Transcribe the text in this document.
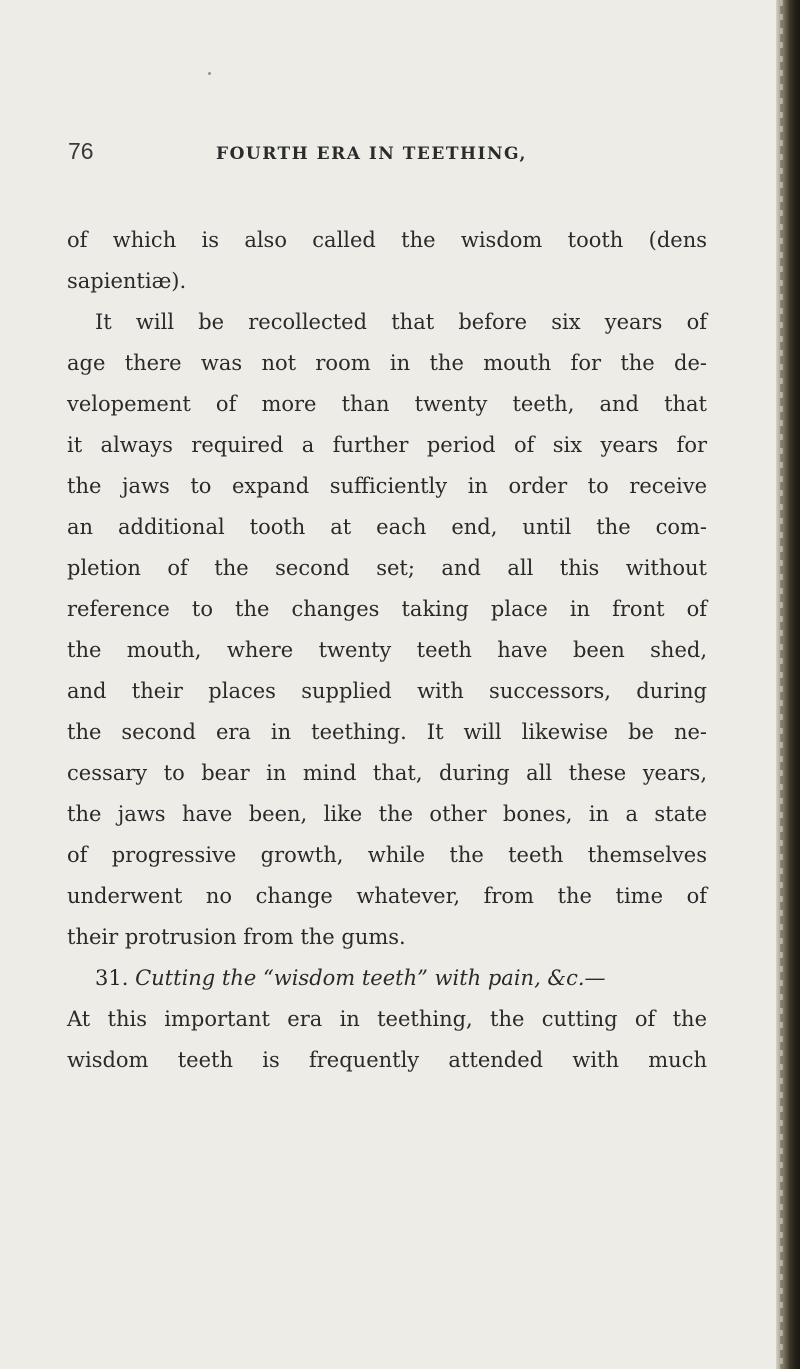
76	FOURTH ERA IN TEETHING,
of which is also called the wisdom tooth (dens
sapientiæ).
It will be recollected that before six years of
age there was not room in the mouth for the de-
velopement of more than twenty teeth, and that
it always required a further period of six years for
the jaws to expand sufficiently in order to receive
an additional tooth at each end, until the com-
pletion of the second set; and all this without
reference to the changes taking place in front of
the mouth, where twenty teeth have been shed,
and their places supplied with successors, during
the second era in teething. It will likewise be ne-
cessary to bear in mind that, during all these years,
the jaws have been, like the other bones, in a state
of progressive growth, while the teeth themselves
underwent no change whatever, from the time of
their protrusion from the gums.
31. Cutting the “wisdom teeth” with pain, &c.—
At this important era in teething, the cutting of the
wisdom teeth is frequently attended with much
